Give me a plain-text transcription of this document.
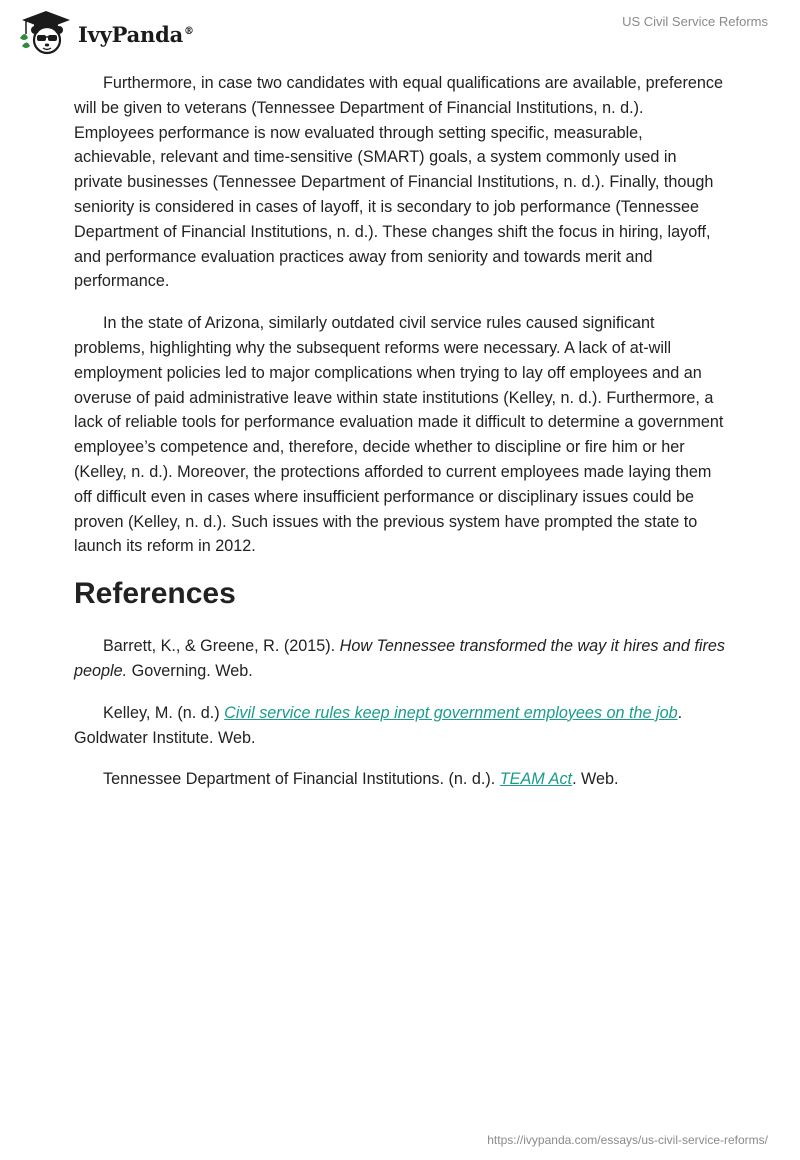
IvyPanda®
US Civil Service Reforms

Furthermore, in case two candidates with equal qualifications are available, preference will be given to veterans (Tennessee Department of Financial Institutions, n. d.). Employees performance is now evaluated through setting specific, measurable, achievable, relevant and time-sensitive (SMART) goals, a system commonly used in private businesses (Tennessee Department of Financial Institutions, n. d.). Finally, though seniority is considered in cases of layoff, it is secondary to job performance (Tennessee Department of Financial Institutions, n. d.). These changes shift the focus in hiring, layoff, and performance evaluation practices away from seniority and towards merit and performance.

In the state of Arizona, similarly outdated civil service rules caused significant problems, highlighting why the subsequent reforms were necessary. A lack of at-will employment policies led to major complications when trying to lay off employees and an overuse of paid administrative leave within state institutions (Kelley, n. d.). Furthermore, a lack of reliable tools for performance evaluation made it difficult to determine a government employee’s competence and, therefore, decide whether to discipline or fire him or her (Kelley, n. d.). Moreover, the protections afforded to current employees made laying them off difficult even in cases where insufficient performance or disciplinary issues could be proven (Kelley, n. d.). Such issues with the previous system have prompted the state to launch its reform in 2012.

References

Barrett, K., & Greene, R. (2015). How Tennessee transformed the way it hires and fires people. Governing. Web.

Kelley, M. (n. d.) Civil service rules keep inept government employees on the job. Goldwater Institute. Web.

Tennessee Department of Financial Institutions. (n. d.). TEAM Act. Web.

https://ivypanda.com/essays/us-civil-service-reforms/
